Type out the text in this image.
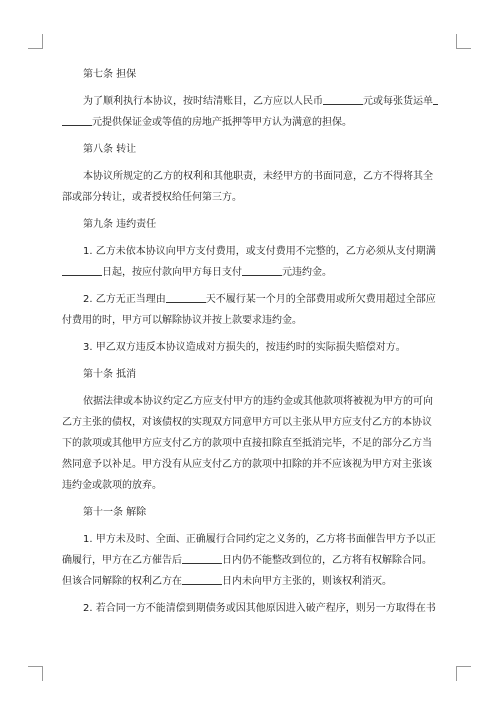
第七条 担保
为了顺利执行本协议，按时结清账目，乙方应以人民币	元或每张货运单
元提供保证金或等值的房地产抵押等甲方认为满意的担保。
第八条 转让
本协议所规定的乙方的权利和其他职责，未经甲方的书面同意，乙方不得将其全
部或部分转让，或者授权给任何第三方。
第九条 违约责任
1. 乙方未依本协议向甲方支付费用，或支付费用不完整的，乙方必须从支付期满
日起，按应付款向甲方每日支付	元违约金。
2. 乙方无正当理由	天不履行某一个月的全部费用或所欠费用超过全部应
付费用的时，甲方可以解除协议并按上款要求违约金。
3. 甲乙双方违反本协议造成对方损失的，按违约时的实际损失赔偿对方。
第十条 抵消
依据法律或本协议约定乙方应支付甲方的违约金或其他款项将被视为甲方的可向
乙方主张的债权，对该债权的实现双方同意甲方可以主张从甲方应支付乙方的本协议
下的款项或其他甲方应支付乙方的款项中直接扣除直至抵消完毕，不足的部分乙方当
然同意予以补足。甲方没有从应支付乙方的款项中扣除的并不应该视为甲方对主张该
违约金或款项的放弃。
第十一条 解除
1. 甲方未及时、全面、正确履行合同约定之义务的，乙方将书面催告甲方予以正
确履行，甲方在乙方催告后	日内仍不能整改到位的，乙方将有权解除合同。
但该合同解除的权利乙方在	日内未向甲方主张的，则该权利消灭。
2. 若合同一方不能清偿到期债务或因其他原因进入破产程序，则另一方取得在书
